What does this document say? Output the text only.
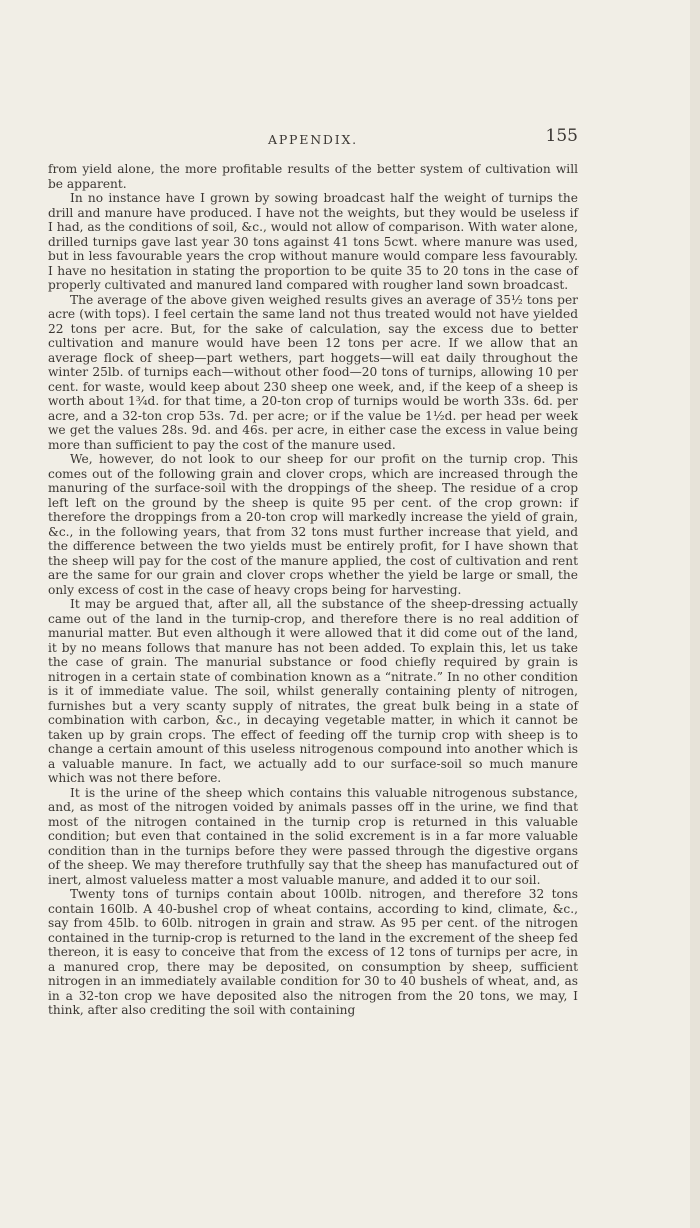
APPENDIX.	155

from yield alone, the more profitable results of the better system of cultivation will be apparent.

In no instance have I grown by sowing broadcast half the weight of turnips the drill and manure have produced. I have not the weights, but they would be useless if I had, as the conditions of soil, &c., would not allow of comparison. With water alone, drilled turnips gave last year 30 tons against 41 tons 5cwt. where manure was used, but in less favourable years the crop without manure would compare less favourably. I have no hesitation in stating the proportion to be quite 35 to 20 tons in the case of properly cultivated and manured land compared with rougher land sown broadcast.

The average of the above given weighed results gives an average of 35½ tons per acre (with tops). I feel certain the same land not thus treated would not have yielded 22 tons per acre. But, for the sake of calculation, say the excess due to better cultivation and manure would have been 12 tons per acre. If we allow that an average flock of sheep—part wethers, part hoggets—will eat daily throughout the winter 25lb. of turnips each—without other food—20 tons of turnips, allowing 10 per cent. for waste, would keep about 230 sheep one week, and, if the keep of a sheep is worth about 1¾d. for that time, a 20-ton crop of turnips would be worth 33s. 6d. per acre, and a 32-ton crop 53s. 7d. per acre; or if the value be 1½d. per head per week we get the values 28s. 9d. and 46s. per acre, in either case the excess in value being more than sufficient to pay the cost of the manure used.

We, however, do not look to our sheep for our profit on the turnip crop. This comes out of the following grain and clover crops, which are increased through the manuring of the surface-soil with the droppings of the sheep. The residue of a crop left left on the ground by the sheep is quite 95 per cent. of the crop grown: if therefore the droppings from a 20-ton crop will markedly increase the yield of grain, &c., in the following years, that from 32 tons must further increase that yield, and the difference between the two yields must be entirely profit, for I have shown that the sheep will pay for the cost of the manure applied, the cost of cultivation and rent are the same for our grain and clover crops whether the yield be large or small, the only excess of cost in the case of heavy crops being for harvesting.

It may be argued that, after all, all the substance of the sheep-dressing actually came out of the land in the turnip-crop, and therefore there is no real addition of manurial matter. But even although it were allowed that it did come out of the land, it by no means follows that manure has not been added. To explain this, let us take the case of grain. The manurial substance or food chiefly required by grain is nitrogen in a certain state of combination known as a “nitrate.” In no other condition is it of immediate value. The soil, whilst generally containing plenty of nitrogen, furnishes but a very scanty supply of nitrates, the great bulk being in a state of combination with carbon, &c., in decaying vegetable matter, in which it cannot be taken up by grain crops. The effect of feeding off the turnip crop with sheep is to change a certain amount of this useless nitrogenous compound into another which is a valuable manure. In fact, we actually add to our surface-soil so much manure which was not there before.

It is the urine of the sheep which contains this valuable nitrogenous substance, and, as most of the nitrogen voided by animals passes off in the urine, we find that most of the nitrogen contained in the turnip crop is returned in this valuable condition; but even that contained in the solid excrement is in a far more valuable condition than in the turnips before they were passed through the digestive organs of the sheep. We may therefore truthfully say that the sheep has manufactured out of inert, almost valueless matter a most valuable manure, and added it to our soil.

Twenty tons of turnips contain about 100lb. nitrogen, and therefore 32 tons contain 160lb. A 40-bushel crop of wheat contains, according to kind, climate, &c., say from 45lb. to 60lb. nitrogen in grain and straw. As 95 per cent. of the nitrogen contained in the turnip-crop is returned to the land in the excrement of the sheep fed thereon, it is easy to conceive that from the excess of 12 tons of turnips per acre, in a manured crop, there may be deposited, on consumption by sheep, sufficient nitrogen in an immediately available condition for 30 to 40 bushels of wheat, and, as in a 32-ton crop we have deposited also the nitrogen from the 20 tons, we may, I think, after also crediting the soil with containing
